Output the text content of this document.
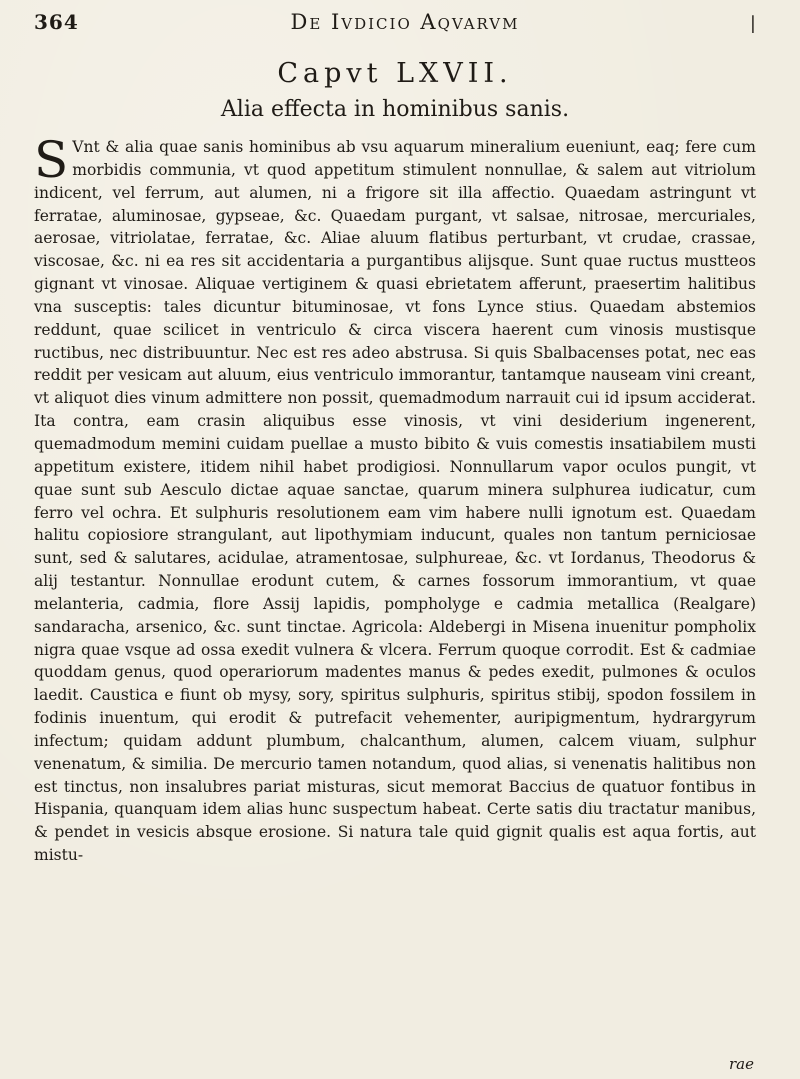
364	De Ivdicio Aqvarvm	|
Capvt LXVII.
Alia effecta in hominibus sanis.

S Vnt & alia quae sanis hominibus ab vsu aquarum mineralium eueniunt, eaq; fere cum morbidis communia, vt quod appetitum stimulent nonnullae, & salem aut vitriolum indicent, vel ferrum, aut alumen, ni a frigore sit illa affectio. Quaedam astringunt vt ferratae, aluminosae, gypseae, &c. Quaedam purgant, vt salsae, nitrosae, mercuriales, aerosae, vitriolatae, ferratae, &c. Aliae aluum flatibus perturbant, vt crudae, crassae, viscosae, &c. ni ea res sit accidentaria a purgantibus alijsque. Sunt quae ructus mustteos gignant vt vinosae. Aliquae vertiginem & quasi ebrietatem afferunt, praesertim halitibus vna susceptis: tales dicuntur bituminosae, vt fons Lynce stius. Quaedam abstemios reddunt, quae scilicet in ventriculo & circa viscera haerent cum vinosis mustisque ructibus, nec distribuuntur. Nec est res adeo abstrusa. Si quis Sbalbacenses potat, nec eas reddit per vesicam aut aluum, eius ventriculo immorantur, tantamque nauseam vini creant, vt aliquot dies vinum admittere non possit, quemadmodum narrauit cui id ipsum acciderat. Ita contra, eam crasin aliquibus esse vinosis, vt vini desiderium ingenerent, quemadmodum memini cuidam puellae a musto bibito & vuis comestis insatiabilem musti appetitum existere, itidem nihil habet prodigiosi. Nonnullarum vapor oculos pungit, vt quae sunt sub Aesculo dictae aquae sanctae, quarum minera sulphurea iudicatur, cum ferro vel ochra. Et sulphuris resolutionem eam vim habere nulli ignotum est. Quaedam halitu copiosiore strangulant, aut lipothymiam inducunt, quales non tantum perniciosae sunt, sed & salutares, acidulae, atramentosae, sulphureae, &c. vt Iordanus, Theodorus & alij testantur. Nonnullae erodunt cutem, & carnes fossorum immorantium, vt quae melanteria, cadmia, flore Assij lapidis, pompholyge e cadmia metallica (Realgare) sandaracha, arsenico, &c. sunt tinctae. Agricola: Aldebergi in Misena inuenitur pompholix nigra quae vsque ad ossa exedit vulnera & vlcera. Ferrum quoque corrodit. Est & cadmiae quoddam genus, quod operariorum madentes manus & pedes exedit, pulmones & oculos laedit. Caustica e fiunt ob mysy, sory, spiritus sulphuris, spiritus stibij, spodon fossilem in fodinis inuentum, qui erodit & putrefacit vehementer, auripigmentum, hydrargyrum infectum; quidam addunt plumbum, chalcanthum, alumen, calcem viuam, sulphur venenatum, & similia. De mercurio tamen notandum, quod alias, si venenatis halitibus non est tinctus, non insalubres pariat misturas, sicut memorat Baccius de quatuor fontibus in Hispania, quanquam idem alias hunc suspectum habeat. Certe satis diu tractatur manibus, & pendet in vesicis absque erosione. Si natura tale quid gignit qualis est aqua fortis, aut mistu-

rae
